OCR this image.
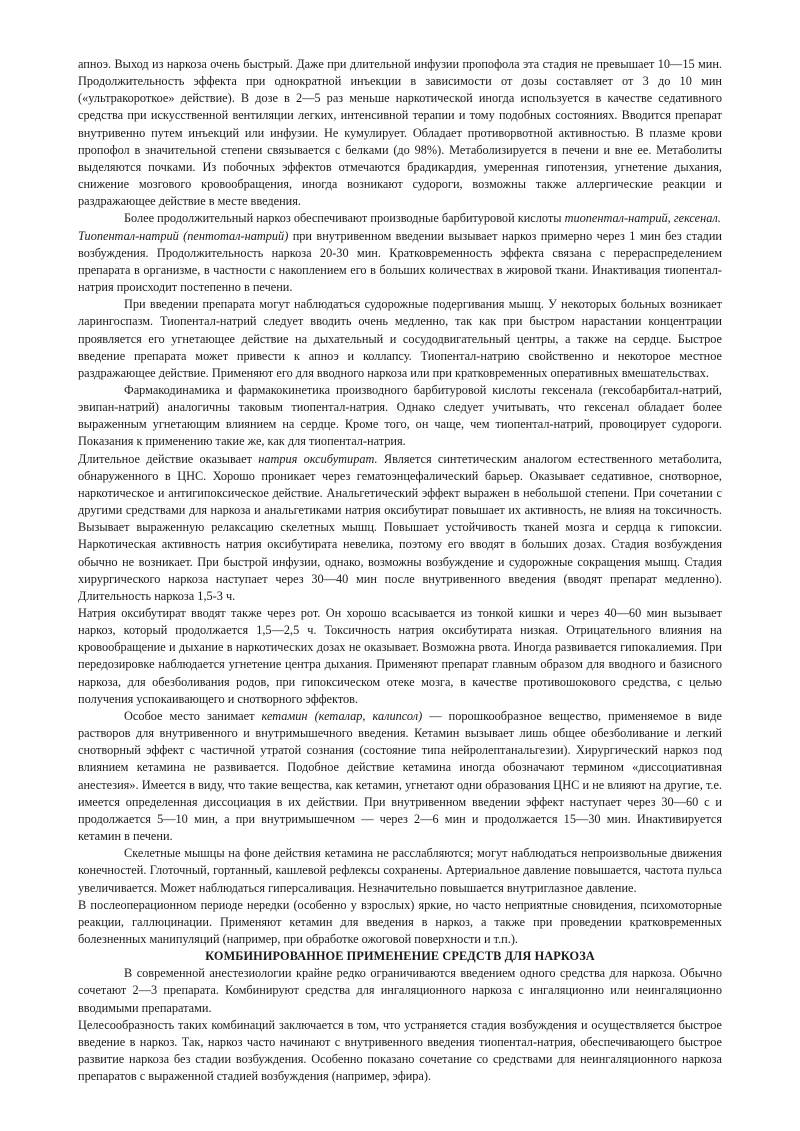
апноэ. Выход из наркоза очень быстрый. Даже при длительной инфузии пропофола эта стадия не превышает 10—15 мин. Продолжительность эффекта при однократной инъекции в зависимости от дозы составляет от 3 до 10 мин («ультракороткое» действие). В дозе в 2—5 раз меньше наркотической иногда используется в качестве седативного средства при искусственной вентиляции легких, интенсивной терапии и тому подобных состояниях. Вводится препарат внутривенно путем инъекций или инфузии. Не кумулирует. Обладает противорвотной активностью. В плазме крови пропофол в значительной степени связывается с белками (до 98%). Метаболизируется в печени и вне ее. Метаболиты выделяются почками. Из побочных эффектов отмечаются брадикардия, умеренная гипотензия, угнетение дыхания, снижение мозгового кровообращения, иногда возникают судороги, возможны также аллергические реакции и раздражающее действие в месте введения.

Более продолжительный наркоз обеспечивают производные барбитуровой кислоты тиопентал-натрий, гексенал.

Тиопентал-натрий (пентотал-натрий) при внутривенном введении вызывает наркоз примерно через 1 мин без стадии возбуждения. Продолжительность наркоза 20-30 мин. Кратковременность эффекта связана с перераспределением препарата в организме, в частности с накоплением его в больших количествах в жировой ткани. Инактивация тиопентал-натрия происходит постепенно в печени.

При введении препарата могут наблюдаться судорожные подергивания мышц. У некоторых больных возникает ларингоспазм. Тиопентал-натрий следует вводить очень медленно, так как при быстром нарастании концентрации проявляется его угнетающее действие на дыхательный и сосудодвигательный центры, а также на сердце. Быстрое введение препарата может привести к апноэ и коллапсу. Тиопентал-натрию свойственно и некоторое местное раздражающее действие. Применяют его для вводного наркоза или при кратковременных оперативных вмешательствах.

Фармакодинамика и фармакокинетика производного барбитуровой кислоты гексенала (гексобарбитал-натрий, эвипан-натрий) аналогичны таковым тиопентал-натрия. Однако следует учитывать, что гексенал обладает более выраженным угнетающим влиянием на сердце. Кроме того, он чаще, чем тиопентал-натрий, провоцирует судороги. Показания к применению такие же, как для тиопентал-натрия.

Длительное действие оказывает натрия оксибутират. Является синтетическим аналогом естественного метаболита, обнаруженного в ЦНС. Хорошо проникает через гематоэнцефалический барьер. Оказывает седативное, снотворное, наркотическое и антигипоксическое действие. Анальгетический эффект выражен в небольшой степени. При сочетании с другими средствами для наркоза и анальгетиками натрия оксибутират повышает их активность, не влияя на токсичность. Вызывает выраженную релаксацию скелетных мышц. Повышает устойчивость тканей мозга и сердца к гипоксии. Наркотическая активность натрия оксибутирата невелика, поэтому его вводят в больших дозах. Стадия возбуждения обычно не возникает. При быстрой инфузии, однако, возможны возбуждение и судорожные сокращения мышц. Стадия хирургического наркоза наступает через 30—40 мин после внутривенного введения (вводят препарат медленно). Длительность наркоза 1,5-3 ч.

Натрия оксибутират вводят также через рот. Он хорошо всасывается из тонкой кишки и через 40—60 мин вызывает наркоз, который продолжается 1,5—2,5 ч. Токсичность натрия оксибутирата низкая. Отрицательного влияния на кровообращение и дыхание в наркотических дозах не оказывает. Возможна рвота. Иногда развивается гипокалиемия. При передозировке наблюдается угнетение центра дыхания. Применяют препарат главным образом для вводного и базисного наркоза, для обезболивания родов, при гипоксическом отеке мозга, в качестве противошокового средства, с целью получения успокаивающего и снотворного эффектов.

Особое место занимает кетамин (кеталар, калипсол) — порошкообразное вещество, применяемое в виде растворов для внутривенного и внутримышечного введения. Кетамин вызывает лишь общее обезболивание и легкий снотворный эффект с частичной утратой сознания (состояние типа нейролептанальгезии). Хирургический наркоз под влиянием кетамина не развивается. Подобное действие кетамина иногда обозначают термином «диссоциативная анестезия». Имеется в виду, что такие вещества, как кетамин, угнетают одни образования ЦНС и не влияют на другие, т.е. имеется определенная диссоциация в их действии. При внутривенном введении эффект наступает через 30—60 с и продолжается 5—10 мин, а при внутримышечном — через 2—6 мин и продолжается 15—30 мин. Инактивируется кетамин в печени.

Скелетные мышцы на фоне действия кетамина не расслабляются; могут наблюдаться непроизвольные движения конечностей. Глоточный, гортанный, кашлевой рефлексы сохранены. Артериальное давление повышается, частота пульса увеличивается. Может наблюдаться гиперсаливация. Незначительно повышается внутриглазное давление.

В послеоперационном периоде нередки (особенно у взрослых) яркие, но часто неприятные сновидения, психомоторные реакции, галлюцинации. Применяют кетамин для введения в наркоз, а также при проведении кратковременных болезненных манипуляций (например, при обработке ожоговой поверхности и т.п.).

КОМБИНИРОВАННОЕ ПРИМЕНЕНИЕ СРЕДСТВ ДЛЯ НАРКОЗА

В современной анестезиологии крайне редко ограничиваются введением одного средства для наркоза. Обычно сочетают 2—3 препарата. Комбинируют средства для ингаляционного наркоза с ингаляционно или неингаляционно вводимыми препаратами.

Целесообразность таких комбинаций заключается в том, что устраняется стадия возбуждения и осуществляется быстрое введение в наркоз. Так, наркоз часто начинают с внутривенного введения тиопентал-натрия, обеспечивающего быстрое развитие наркоза без стадии возбуждения. Особенно показано сочетание со средствами для неингаляционного наркоза препаратов с выраженной стадией возбуждения (например, эфира).
